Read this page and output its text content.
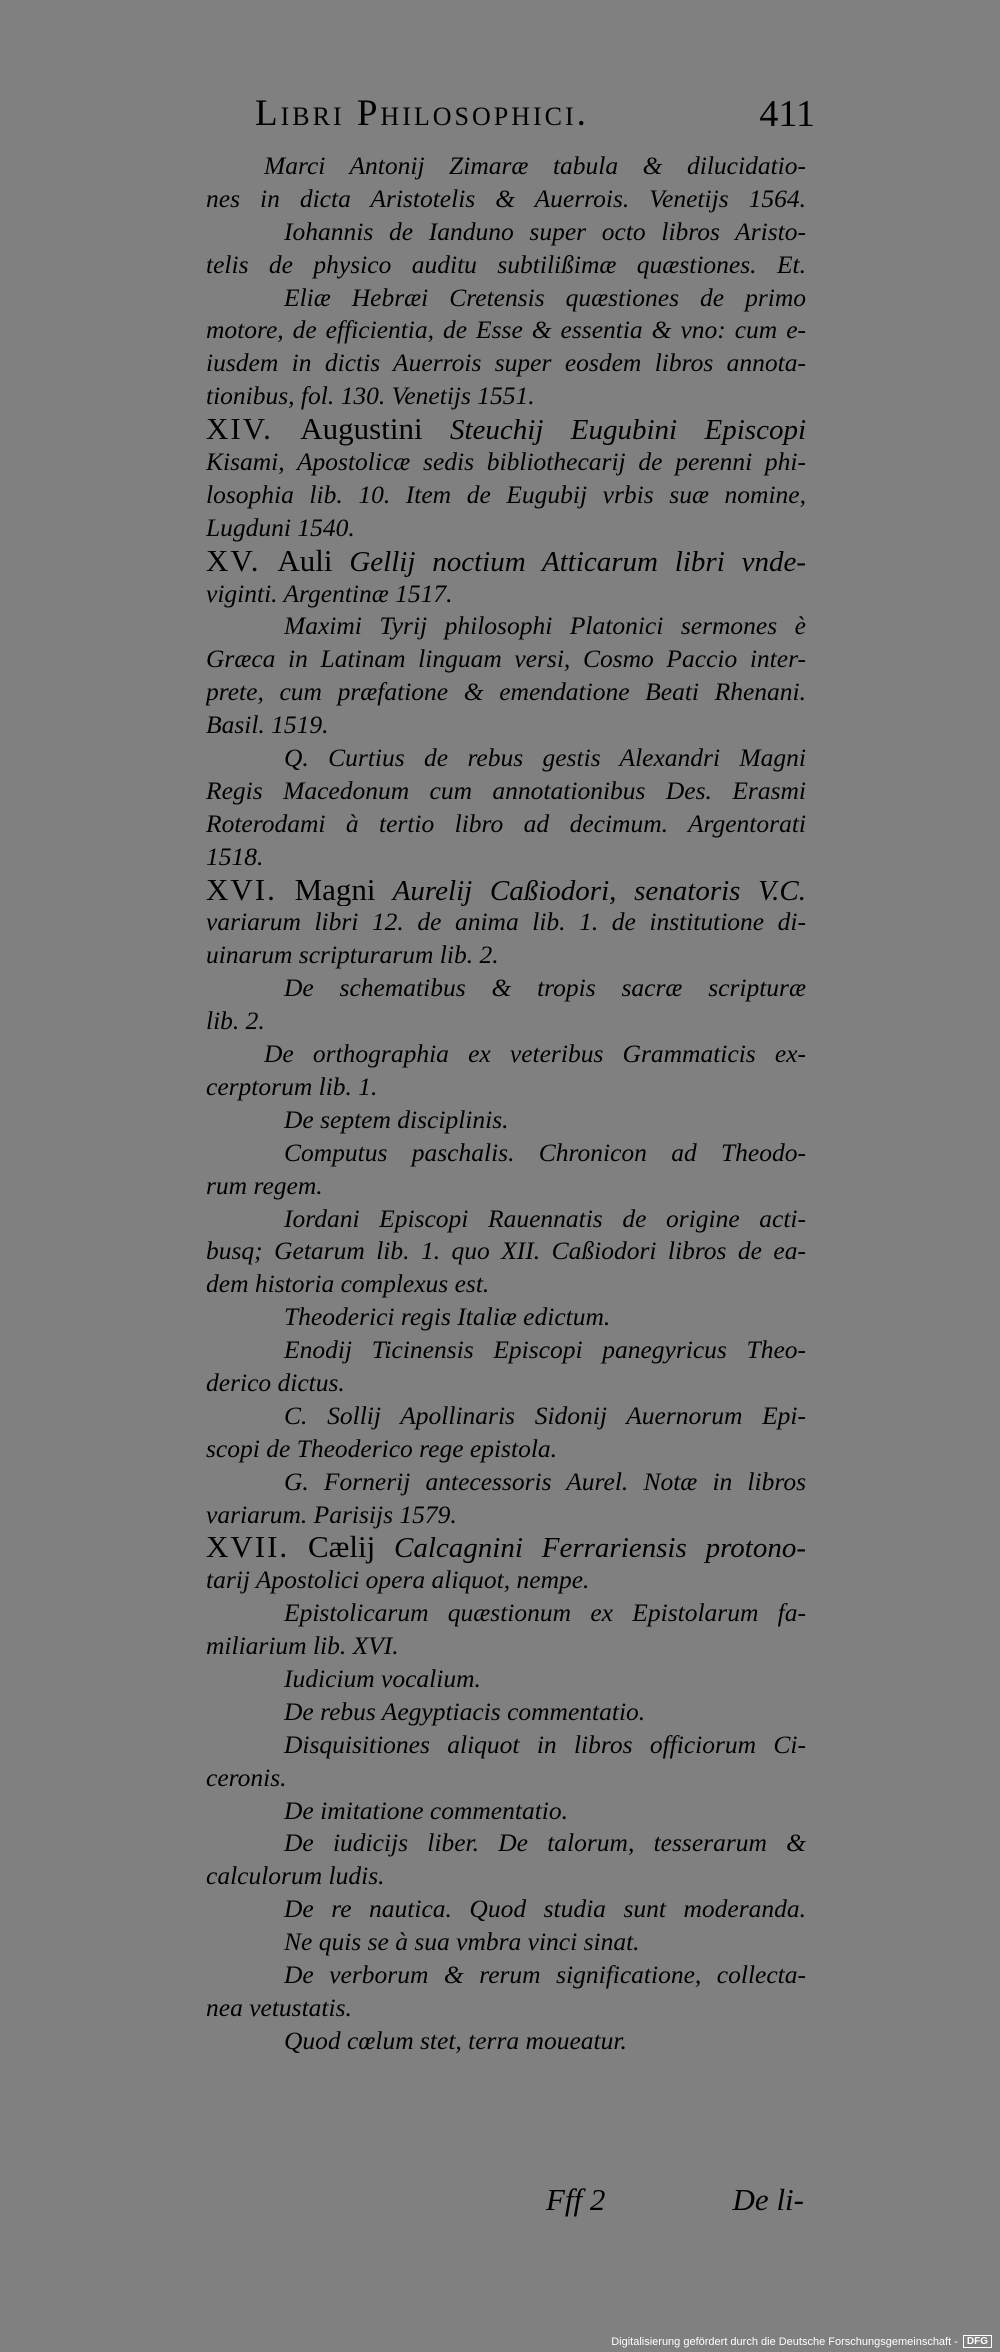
Libri Philosophici.	411
Marci Antonij Zimaræ tabula & dilucidatio-
nes in dicta Aristotelis & Auerrois. Venetijs 1564.
Iohannis de Ianduno super octo libros Aristo-
telis de physico auditu subtilißimæ quæstiones. Et.
Eliæ Hebræi Cretensis quæstiones de primo
motore, de efficientia, de Esse & essentia & vno: cum e-
iusdem in dictis Auerrois super eosdem libros annota-
tionibus, fol. 130. Venetijs 1551.
XIV. Augustini Steuchij Eugubini Episcopi
Kisami, Apostolicæ sedis bibliothecarij de perenni phi-
losophia lib. 10. Item de Eugubij vrbis suæ nomine,
Lugduni 1540.
XV. Auli Gellij noctium Atticarum libri vnde-
viginti. Argentinæ 1517.
Maximi Tyrij philosophi Platonici sermones è
Græca in Latinam linguam versi, Cosmo Paccio inter-
prete, cum præfatione & emendatione Beati Rhenani.
Basil. 1519.
Q. Curtius de rebus gestis Alexandri Magni
Regis Macedonum cum annotationibus Des. Erasmi
Roterodami à tertio libro ad decimum. Argentorati
1518.
XVI. Magni Aurelij Caßiodori, senatoris V.C.
variarum libri 12. de anima lib. 1. de institutione di-
uinarum scripturarum lib. 2.
De schematibus & tropis sacræ scripturæ
lib. 2.
De orthographia ex veteribus Grammaticis ex-
cerptorum lib. 1.
De septem disciplinis.
Computus paschalis. Chronicon ad Theodo-
rum regem.
Iordani Episcopi Rauennatis de origine acti-
busq; Getarum lib. 1. quo XII. Caßiodori libros de ea-
dem historia complexus est.
Theoderici regis Italiæ edictum.
Enodij Ticinensis Episcopi panegyricus Theo-
derico dictus.
C. Sollij Apollinaris Sidonij Auernorum Epi-
scopi de Theoderico rege epistola.
G. Fornerij antecessoris Aurel. Notæ in libros
variarum. Parisijs 1579.
XVII. Cælij Calcagnini Ferrariensis protono-
tarij Apostolici opera aliquot, nempe.
Epistolicarum quæstionum ex Epistolarum fa-
miliarium lib. XVI.
Iudicium vocalium.
De rebus Aegyptiacis commentatio.
Disquisitiones aliquot in libros officiorum Ci-
ceronis.
De imitatione commentatio.
De iudicijs liber. De talorum, tesserarum &
calculorum ludis.
De re nautica. Quod studia sunt moderanda.
Ne quis se à sua vmbra vinci sinat.
De verborum & rerum significatione, collecta-
nea vetustatis.
Quod cœlum stet, terra moueatur.
Fff 2	De li-
Digitalisierung gefördert durch die Deutsche Forschungsgemeinschaft - DFG
